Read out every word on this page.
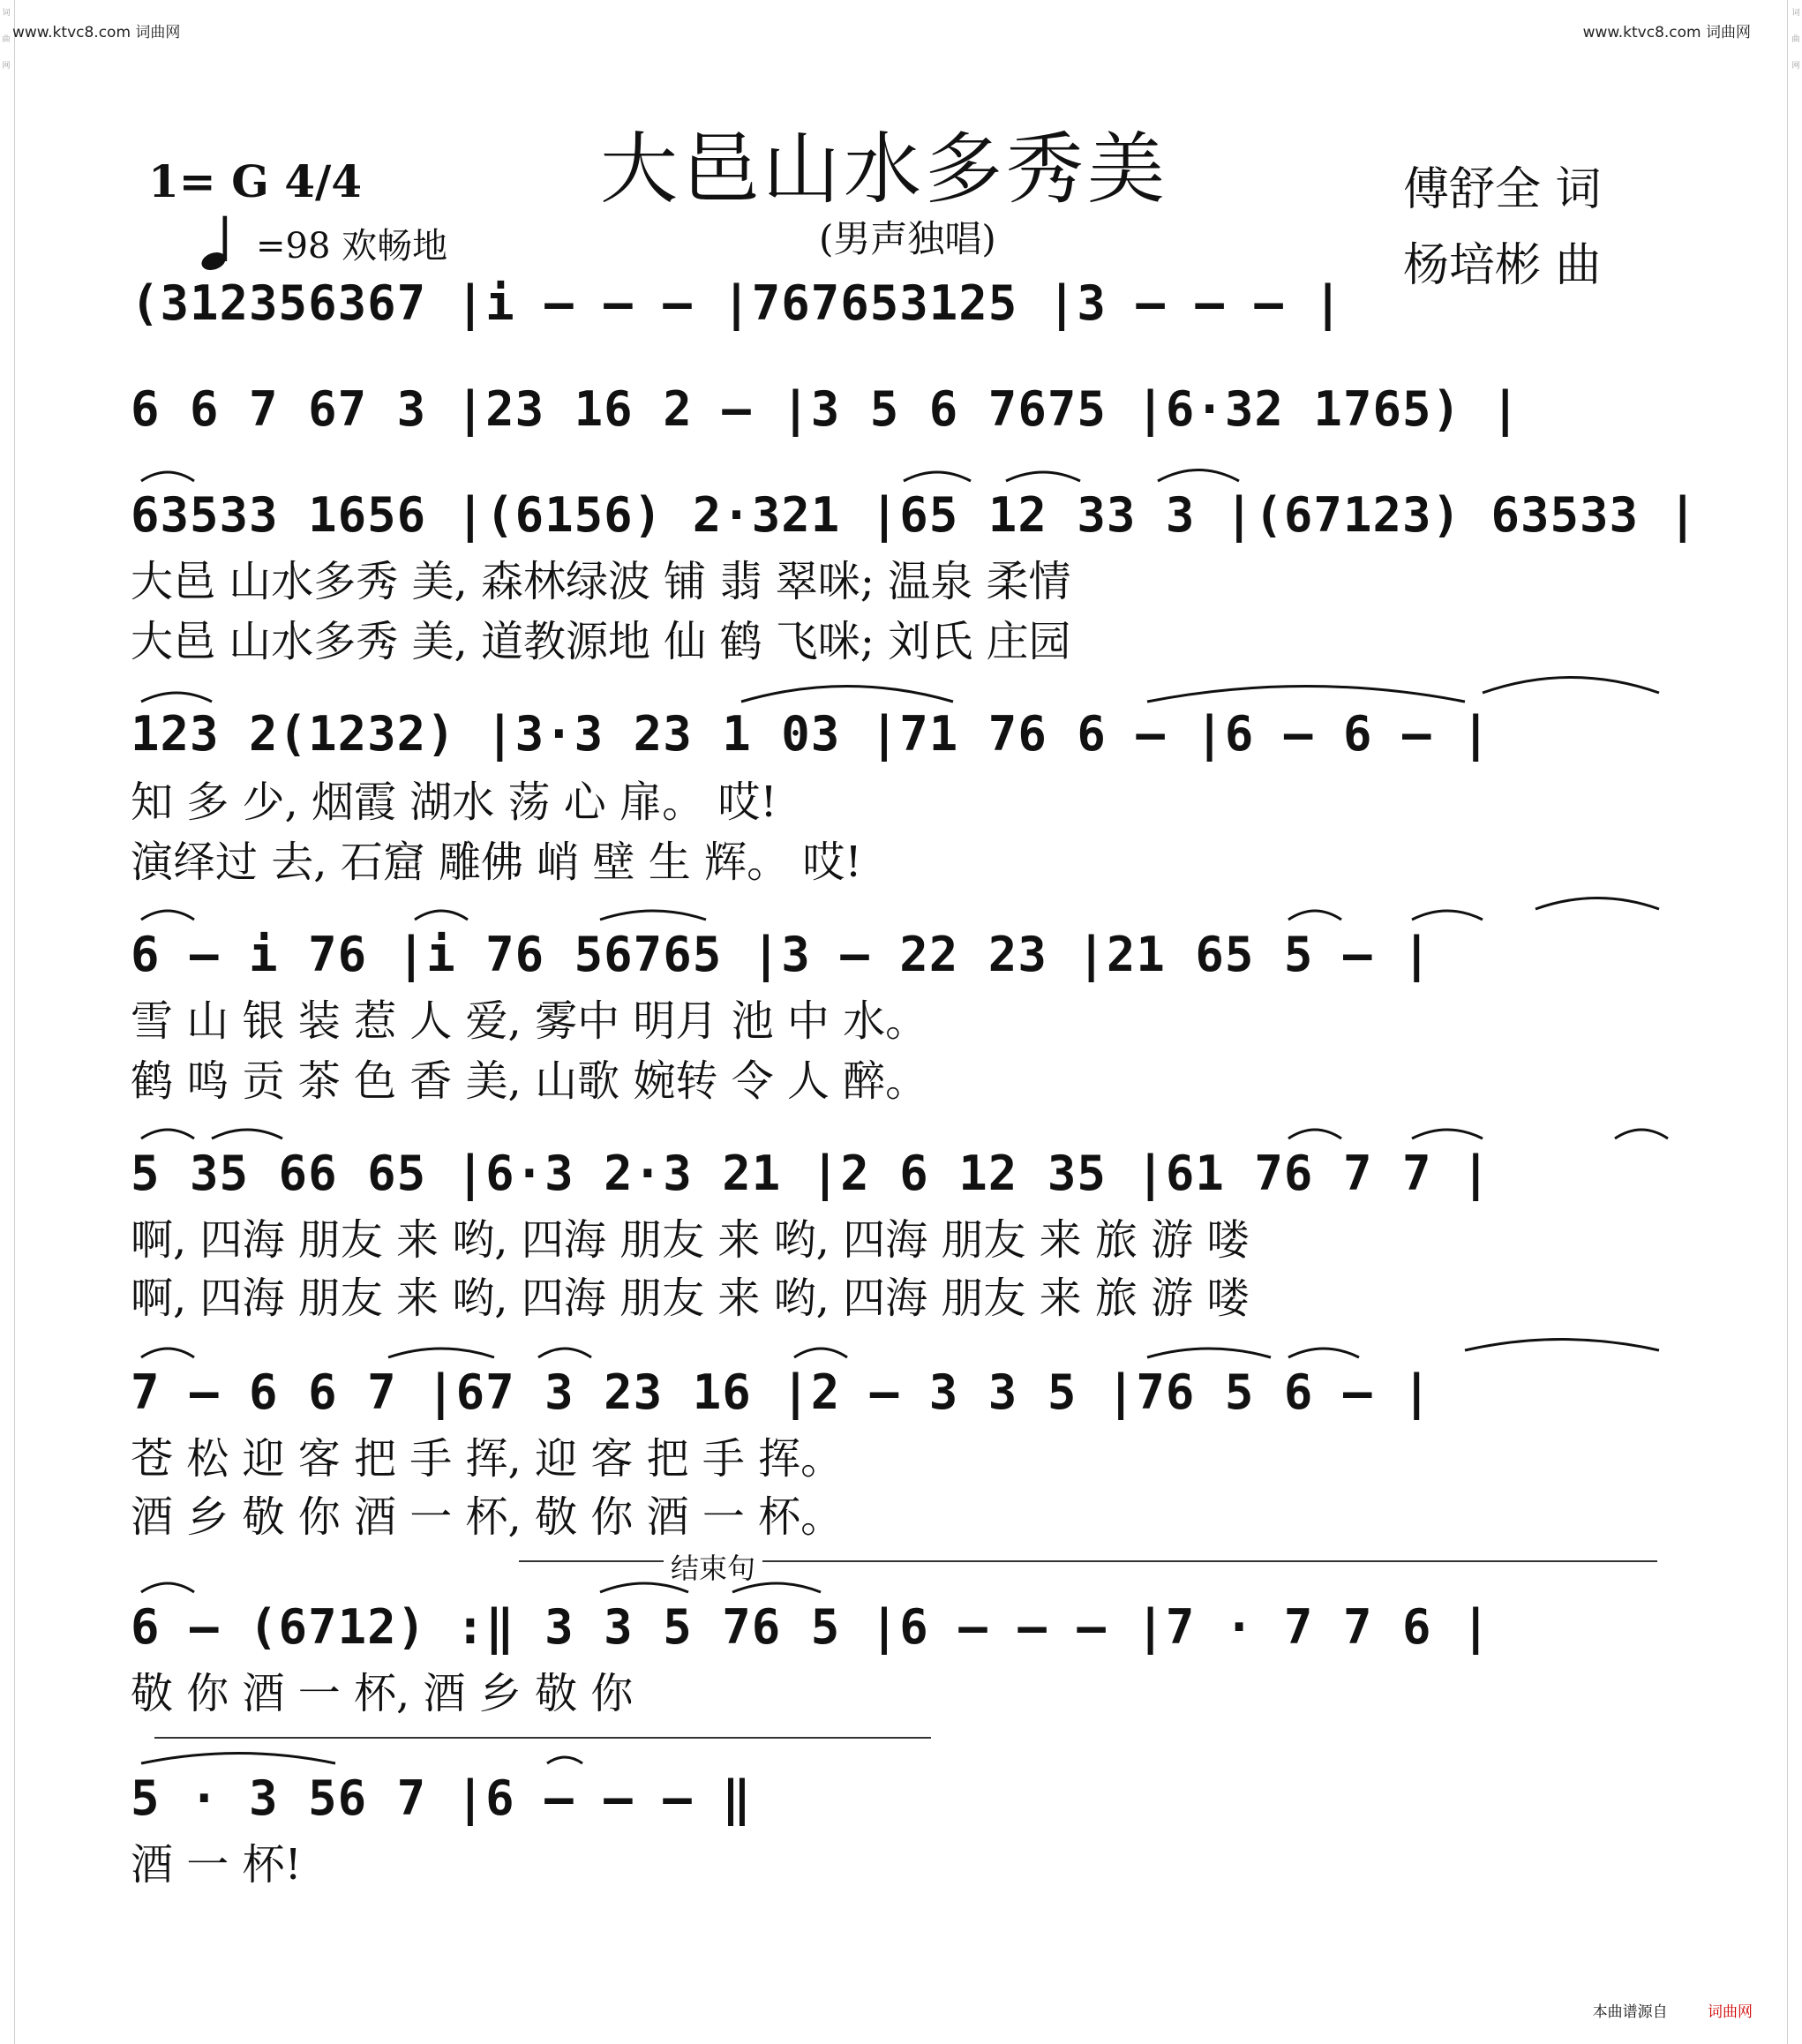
词曲网
词曲网
www.ktvc8.com 词曲网	www.ktvc8.com 词曲网
大邑山水多秀美
(男声独唱)
1= G 4/4
=98 欢畅地
傅舒全 词
杨培彬 曲
(312356367 |i — — — |767653125 |3 — — — |
6 6 7 67 3 |23 16 2 — |3 5 6 7675 |6·32 1765) |
63533 1656 |(6156) 2·321 |65 12 33 3 |(67123) 63533 |
大邑 山水多秀 美, 森林绿波 铺 翡 翠咪; 温泉 柔情
大邑 山水多秀 美, 道教源地 仙 鹤 飞咪; 刘氏 庄园
123 2(1232) |3·3 23 1 03 |71 76 6 — |6 — 6 — |
知 多 少, 烟霞 湖水 荡 心 扉。 哎!
演绎过 去, 石窟 雕佛 峭 壁 生 辉。 哎!
6 — i 76 |i 76 56765 |3 — 22 23 |21 65 5 — |
雪 山 银 装 惹 人 爱, 雾中 明月 池 中 水。
鹤 鸣 贡 茶 色 香 美, 山歌 婉转 令 人 醉。
5 35 66 65 |6·3 2·3 21 |2 6 12 35 |61 76 7 7 |
啊, 四海 朋友 来 哟, 四海 朋友 来 哟, 四海 朋友 来 旅 游 喽
啊, 四海 朋友 来 哟, 四海 朋友 来 哟, 四海 朋友 来 旅 游 喽
7 — 6 6 7 |67 3 23 16 |2 — 3 3 5 |76 5 6 — |
苍 松 迎 客 把 手 挥, 迎 客 把 手 挥。
酒 乡 敬 你 酒 一 杯, 敬 你 酒 一 杯。
结束句
6 — (6712) :‖ 3 3 5 76 5 |6 — — — |7 · 7 7 6 |
敬 你 酒 一 杯, 酒 乡 敬 你
5 · 3 56 7 |6 — — — ‖
酒 一 杯!
本曲谱源自	词曲网
